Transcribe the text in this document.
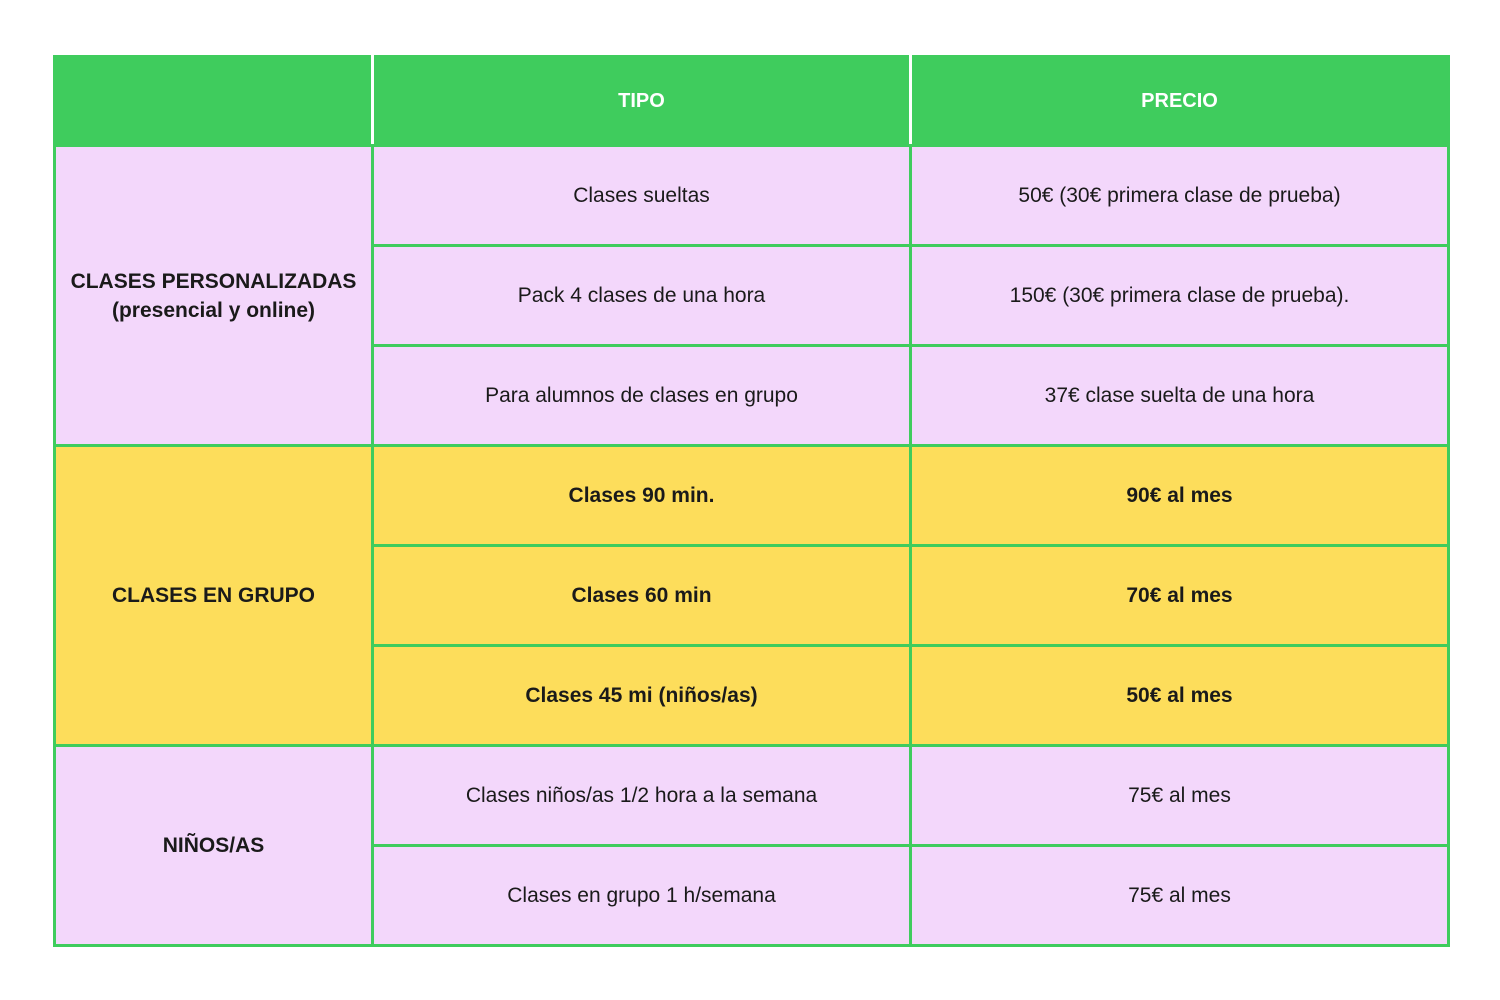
	TIPO	PRECIO
CLASES PERSONALIZADAS
(presencial y online)	Clases sueltas	50€ (30€ primera clase de prueba)
	Pack 4 clases de una hora	150€ (30€ primera clase de prueba).
	Para alumnos de clases en grupo	37€ clase suelta de una hora
CLASES EN GRUPO	Clases 90 min.	90€ al mes
	Clases 60 min	70€ al mes
	Clases 45 mi (niños/as)	50€ al mes
NIÑOS/AS	Clases niños/as 1/2 hora a la semana	75€ al mes
	Clases en grupo 1 h/semana	75€ al mes
